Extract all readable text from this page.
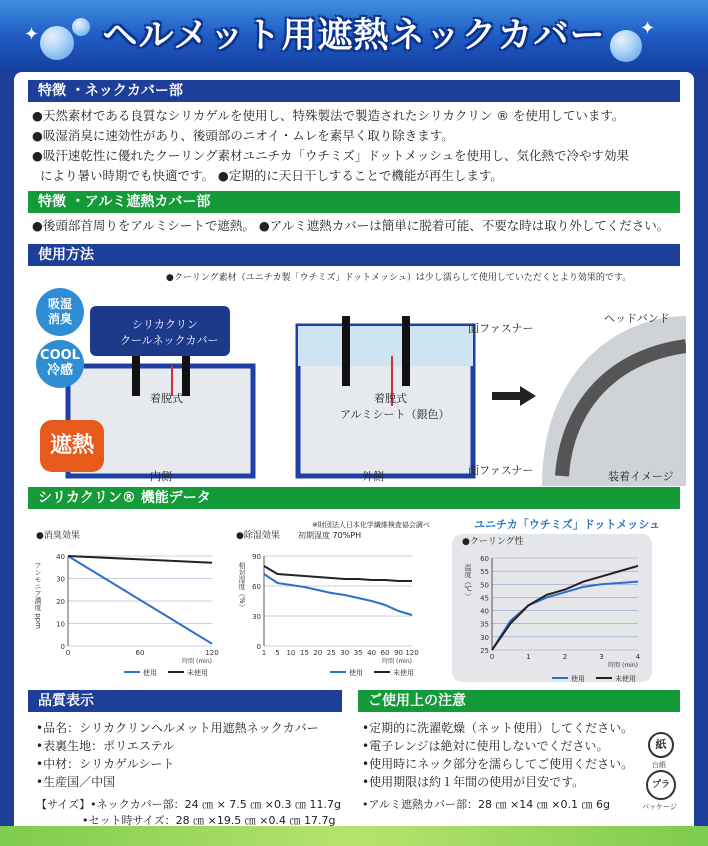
✦	✦
ヘルメット用遮熱ネックカバー
特徴 ・ネックカバー部
●天然素材である良質なシリカゲルを使用し、特殊製法で製造されたシリカクリン ® を使用しています。
●吸湿消臭に速効性があり、後頭部のニオイ・ムレを素早く取り除きます。
●吸汗速乾性に優れたクーリング素材ユニチカ「ウチミズ」ドットメッシュを使用し、気化熱で冷やす効果
により暑い時期でも快適です。 ●定期的に天日干しすることで機能が再生します。
特徴 ・アルミ遮熱カバー部
●後頭部首周りをアルミシートで遮熱。 ●アルミ遮熱カバーは簡単に脱着可能、不要な時は取り外してください。
使用方法
●クーリング素材（ユニチカ製「ウチミズ」ドットメッシュ）は少し濡らして使用していただくとより効果的です。
シリカクリン
クールネックカバー
着脱式
内側
着脱式
アルミシート（銀色）
外側
面ファスナー
ヘッドバンド
面ファスナー	装着イメージ
吸湿
消臭
COOL
冷感
遮熱
シリカクリン® 機能データ
※財団法人日本化学繊維検査協会調べ	ユニチカ「ウチミズ」ドットメッシュ
●消臭効果
0
10
20
30
40
0	60	120
時間 (min)
アンモニア濃度 ppm
使用	未使用
●除湿効果 初期湿度 70%PH
0
30
60
90
1 5 10 15 20 25 30 35 40 60 90 120
時間 (min)
相対湿度（%）
使用	未使用
●クーリング性
25
30
35
40
45
50
55
60
0	1	2	3	4
時間 (min)
温度（℃）
使用	未使用
品質表示
•品名：シリカクリンヘルメット用遮熱ネックカバー
•表裏生地：ポリエステル
•中材：シリカゲルシート
•生産国／中国
【サイズ】•ネックカバー部：24 ㎝ × 7.5 ㎝ ×0.3 ㎝ 11.7g
•セット時サイズ：28 ㎝ ×19.5 ㎝ ×0.4 ㎝ 17.7g
ご使用上の注意
•定期的に洗濯乾燥（ネット使用）してください。
•電子レンジは絶対に使用しないでください。
•使用時にネック部分を濡らしてご使用ください。
•使用期限は約１年間の使用が目安です。
•アルミ遮熱カバー部：28 ㎝ ×14 ㎝ ×0.1 ㎝ 6g
紙
台紙
プラ
パッケージ
